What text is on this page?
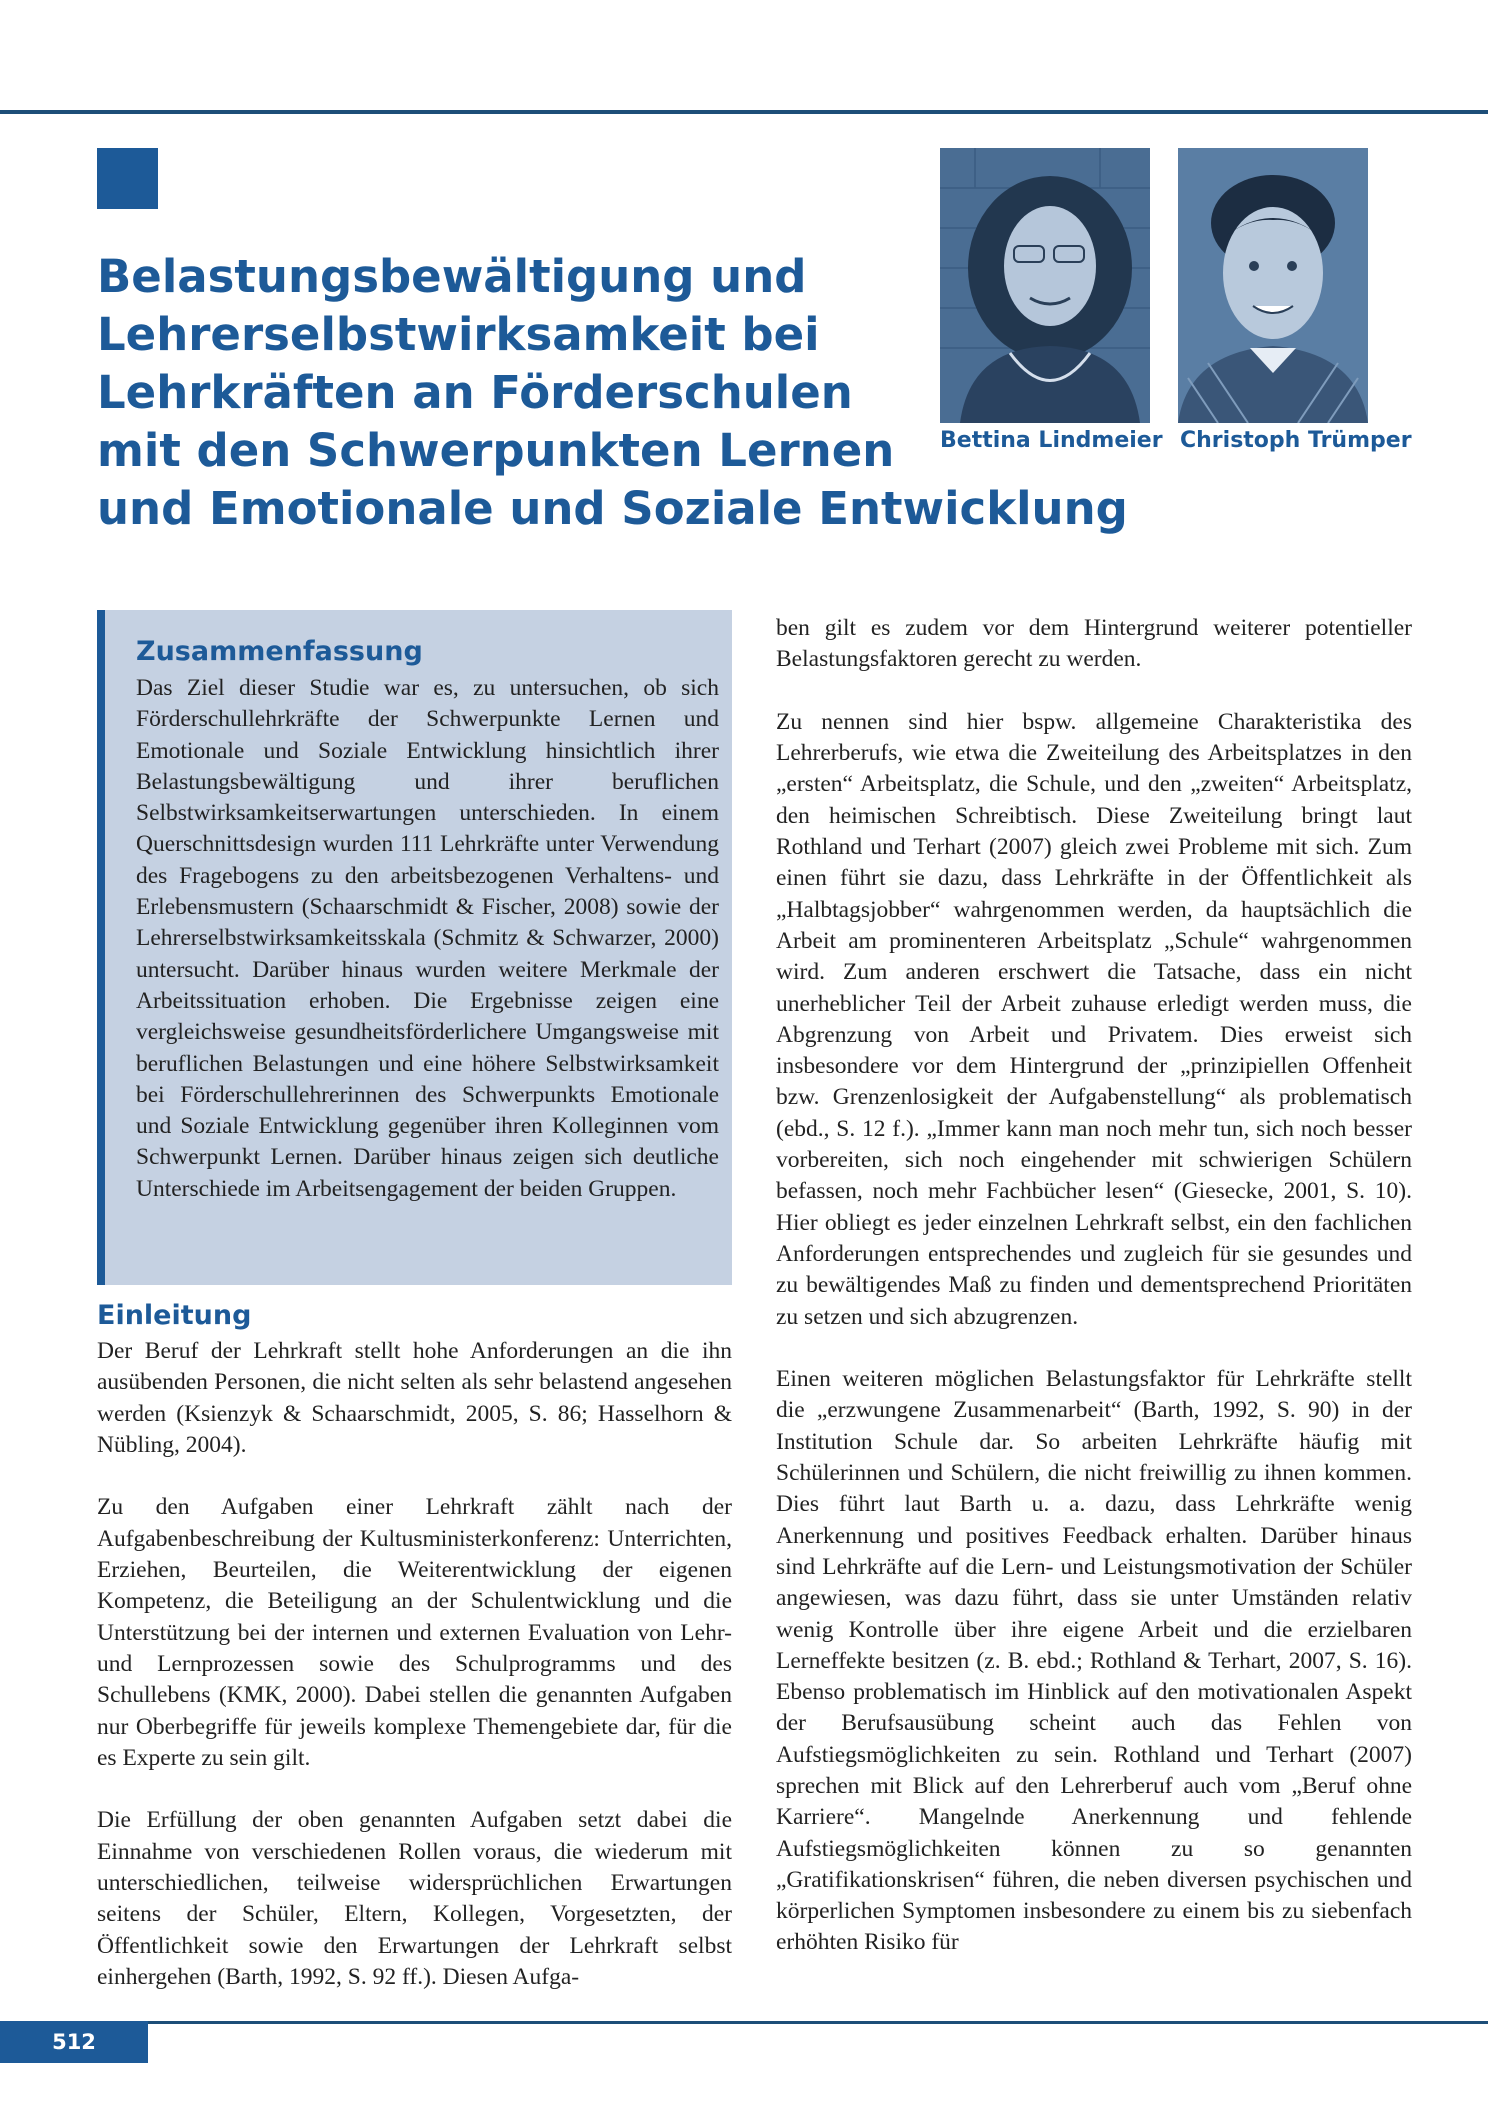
Belastungsbewältigung und
Lehrerselbstwirksamkeit bei
Lehrkräften an Förderschulen
mit den Schwerpunkten Lernen
und Emotionale und Soziale Entwicklung
Bettina Lindmeier Christoph Trümper
Zusammenfassung

Das Ziel dieser Studie war es, zu untersuchen, ob sich Förderschullehrkräfte der Schwerpunkte Lernen und Emotionale und Soziale Entwicklung hinsichtlich ihrer Belastungsbewältigung und ihrer beruflichen Selbstwirksamkeitserwartungen unterschieden. In einem Querschnittsdesign wurden 111 Lehrkräfte unter Verwendung des Fragebogens zu den arbeitsbezogenen Verhaltens- und Erlebensmustern (Schaarschmidt & Fischer, 2008) sowie der Lehrerselbstwirksamkeitsskala (Schmitz & Schwarzer, 2000) untersucht. Darüber hinaus wurden weitere Merkmale der Arbeitssituation erhoben. Die Ergebnisse zeigen eine vergleichsweise gesundheitsförderlichere Umgangsweise mit beruflichen Belastungen und eine höhere Selbstwirksamkeit bei Förderschullehrerinnen des Schwerpunkts Emotionale und Soziale Entwicklung gegenüber ihren Kolleginnen vom Schwerpunkt Lernen. Darüber hinaus zeigen sich deutliche Unterschiede im Arbeitsengagement der beiden Gruppen.

Einleitung

Der Beruf der Lehrkraft stellt hohe Anforderungen an die ihn ausübenden Personen, die nicht selten als sehr belastend angesehen werden (Ksienzyk & Schaarschmidt, 2005, S. 86; Hasselhorn & Nübling, 2004).

Zu den Aufgaben einer Lehrkraft zählt nach der Aufgabenbeschreibung der Kultusministerkonferenz: Unterrichten, Erziehen, Beurteilen, die Weiterentwicklung der eigenen Kompetenz, die Beteiligung an der Schulentwicklung und die Unterstützung bei der internen und externen Evaluation von Lehr- und Lernprozessen sowie des Schulprogramms und des Schullebens (KMK, 2000). Dabei stellen die genannten Aufgaben nur Oberbegriffe für jeweils komplexe Themengebiete dar, für die es Experte zu sein gilt.

Die Erfüllung der oben genannten Aufgaben setzt dabei die Einnahme von verschiedenen Rollen voraus, die wiederum mit unterschiedlichen, teilweise widersprüchlichen Erwartungen seitens der Schüler, Eltern, Kollegen, Vorgesetzten, der Öffentlichkeit sowie den Erwartungen der Lehrkraft selbst einhergehen (Barth, 1992, S. 92 ff.). Diesen Aufga-

ben gilt es zudem vor dem Hintergrund weiterer potentieller Belastungsfaktoren gerecht zu werden.

Zu nennen sind hier bspw. allgemeine Charakteristika des Lehrerberufs, wie etwa die Zweiteilung des Arbeitsplatzes in den „ersten“ Arbeitsplatz, die Schule, und den „zweiten“ Arbeitsplatz, den heimischen Schreibtisch. Diese Zweiteilung bringt laut Rothland und Terhart (2007) gleich zwei Probleme mit sich. Zum einen führt sie dazu, dass Lehrkräfte in der Öffentlichkeit als „Halbtagsjobber“ wahrgenommen werden, da hauptsächlich die Arbeit am prominenteren Arbeitsplatz „Schule“ wahrgenommen wird. Zum anderen erschwert die Tatsache, dass ein nicht unerheblicher Teil der Arbeit zuhause erledigt werden muss, die Abgrenzung von Arbeit und Privatem. Dies erweist sich insbesondere vor dem Hintergrund der „prinzipiellen Offenheit bzw. Grenzenlosigkeit der Aufgabenstellung“ als problematisch (ebd., S. 12 f.). „Immer kann man noch mehr tun, sich noch besser vorbereiten, sich noch eingehender mit schwierigen Schülern befassen, noch mehr Fachbücher lesen“ (Giesecke, 2001, S. 10). Hier obliegt es jeder einzelnen Lehrkraft selbst, ein den fachlichen Anforderungen entsprechendes und zugleich für sie gesundes und zu bewältigendes Maß zu finden und dementsprechend Prioritäten zu setzen und sich abzugrenzen.

Einen weiteren möglichen Belastungsfaktor für Lehrkräfte stellt die „erzwungene Zusammenarbeit“ (Barth, 1992, S. 90) in der Institution Schule dar. So arbeiten Lehrkräfte häufig mit Schülerinnen und Schülern, die nicht freiwillig zu ihnen kommen. Dies führt laut Barth u. a. dazu, dass Lehrkräfte wenig Anerkennung und positives Feedback erhalten. Darüber hinaus sind Lehrkräfte auf die Lern- und Leistungsmotivation der Schüler angewiesen, was dazu führt, dass sie unter Umständen relativ wenig Kontrolle über ihre eigene Arbeit und die erzielbaren Lerneffekte besitzen (z. B. ebd.; Rothland & Terhart, 2007, S. 16). Ebenso problematisch im Hinblick auf den motivationalen Aspekt der Berufsausübung scheint auch das Fehlen von Aufstiegsmöglichkeiten zu sein. Rothland und Terhart (2007) sprechen mit Blick auf den Lehrerberuf auch vom „Beruf ohne Karriere“. Mangelnde Anerkennung und fehlende Aufstiegsmöglichkeiten können zu so genannten „Gratifikationskrisen“ führen, die neben diversen psychischen und körperlichen Symptomen insbesondere zu einem bis zu siebenfach erhöhten Risiko für

512
